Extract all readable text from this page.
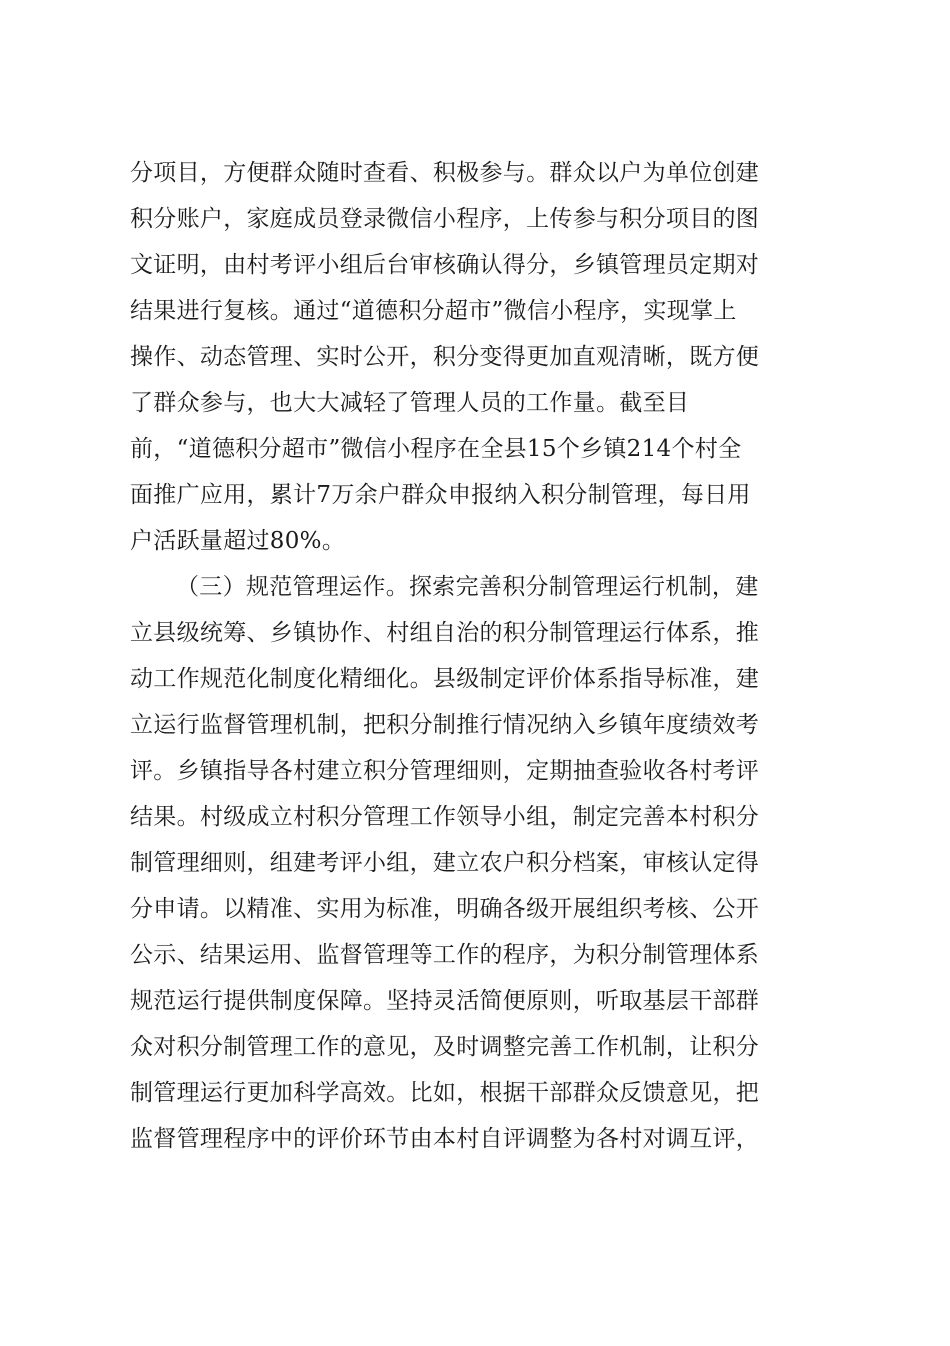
分项目，方便群众随时查看、积极参与。群众以户为单位创建
积分账户，家庭成员登录微信小程序，上传参与积分项目的图
文证明，由村考评小组后台审核确认得分，乡镇管理员定期对
结果进行复核。通过“道德积分超市”微信小程序，实现掌上
操作、动态管理、实时公开，积分变得更加直观清晰，既方便
了群众参与，也大大减轻了管理人员的工作量。截至目
前，“道德积分超市”微信小程序在全县15个乡镇214个村全
面推广应用，累计7万余户群众申报纳入积分制管理，每日用
户活跃量超过80%。
（三）规范管理运作。探索完善积分制管理运行机制，建
立县级统筹、乡镇协作、村组自治的积分制管理运行体系，推
动工作规范化制度化精细化。县级制定评价体系指导标准，建
立运行监督管理机制，把积分制推行情况纳入乡镇年度绩效考
评。乡镇指导各村建立积分管理细则，定期抽查验收各村考评
结果。村级成立村积分管理工作领导小组，制定完善本村积分
制管理细则，组建考评小组，建立农户积分档案，审核认定得
分申请。以精准、实用为标准，明确各级开展组织考核、公开
公示、结果运用、监督管理等工作的程序，为积分制管理体系
规范运行提供制度保障。坚持灵活简便原则，听取基层干部群
众对积分制管理工作的意见，及时调整完善工作机制，让积分
制管理运行更加科学高效。比如，根据干部群众反馈意见，把
监督管理程序中的评价环节由本村自评调整为各村对调互评，
